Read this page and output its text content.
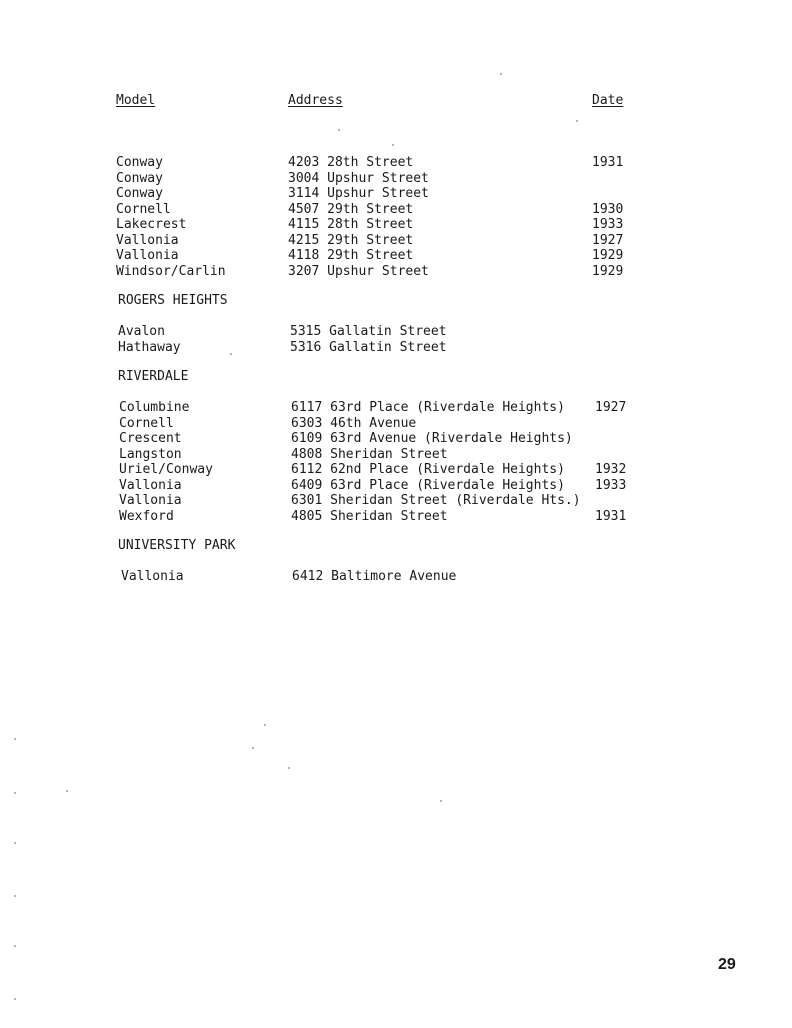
Model	Address	Date
Conway	4203 28th Street	1931
Conway	3004 Upshur Street
Conway	3114 Upshur Street
Cornell	4507 29th Street	1930
Lakecrest	4115 28th Street	1933
Vallonia	4215 29th Street	1927
Vallonia	4118 29th Street	1929
Windsor/Carlin	3207 Upshur Street	1929
ROGERS HEIGHTS
Avalon	5315 Gallatin Street
Hathaway	5316 Gallatin Street
RIVERDALE
Columbine	6117 63rd Place (Riverdale Heights) 1927
Cornell	6303 46th Avenue
Crescent	6109 63rd Avenue (Riverdale Heights)
Langston	4808 Sheridan Street
Uriel/Conway	6112 62nd Place (Riverdale Heights) 1932
Vallonia	6409 63rd Place (Riverdale Heights) 1933
Vallonia	6301 Sheridan Street (Riverdale Hts.)
Wexford	4805 Sheridan Street	1931
UNIVERSITY PARK
Vallonia	6412 Baltimore Avenue
29
